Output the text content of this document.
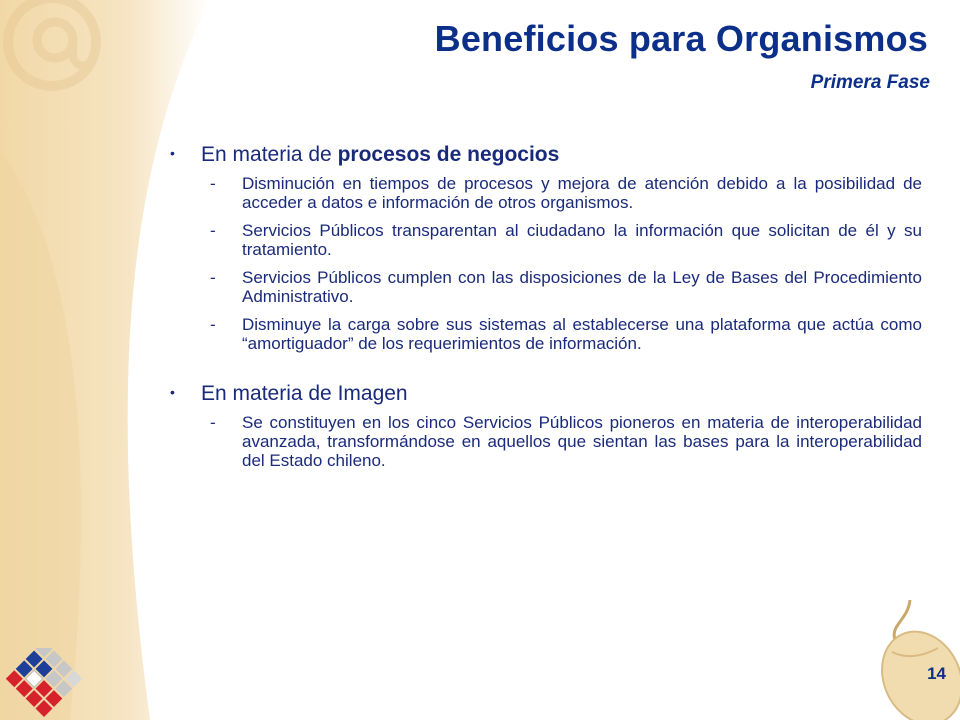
Beneficios para Organismos
Primera Fase
• En materia de procesos de negocios
- Disminución en tiempos de procesos y mejora de atención debido a la posibilidad de acceder a datos e información de otros organismos.
- Servicios Públicos transparentan al ciudadano la información que solicitan de él y su tratamiento.
- Servicios Públicos cumplen con las disposiciones de la Ley de Bases del Procedimiento Administrativo.
- Disminuye la carga sobre sus sistemas al establecerse una plataforma que actúa como “amortiguador” de los requerimientos de información.
• En materia de Imagen
- Se constituyen en los cinco Servicios Públicos pioneros en materia de interoperabilidad avanzada, transformándose en aquellos que sientan las bases para la interoperabilidad del Estado chileno.
14
